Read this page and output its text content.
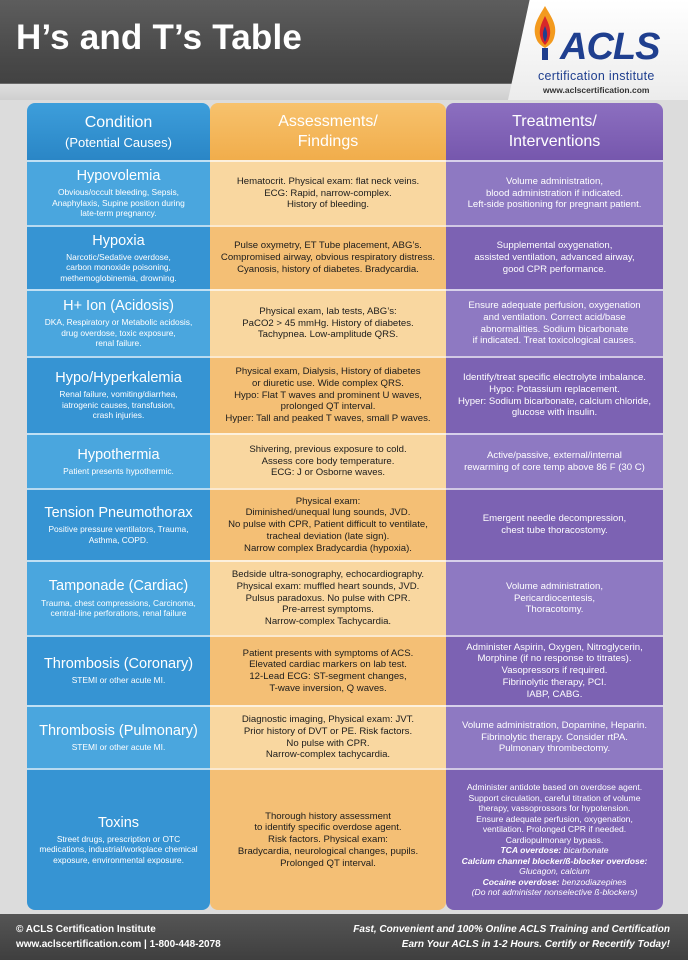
H’s and T’s Table	ACLS
certification institute
www.aclscertification.com
Condition
(Potential Causes)
Hypovolemia
Obvious/occult bleeding, Sepsis,
Anaphylaxis, Supine position during
late-term pregnancy.
Hypoxia
Narcotic/Sedative overdose,
carbon monoxide poisoning,
methemoglobinemia, drowning.
H+ Ion (Acidosis)
DKA, Respiratory or Metabolic acidosis,
drug overdose, toxic exposure,
renal failure.
Hypo/Hyperkalemia
Renal failure, vomiting/diarrhea,
iatrogenic causes, transfusion,
crash injuries.
Hypothermia
Patient presents hypothermic.
Tension Pneumothorax
Positive pressure ventilators, Trauma,
Asthma, COPD.
Tamponade (Cardiac)
Trauma, chest compressions, Carcinoma,
central-line perforations, renal failure
Thrombosis (Coronary)
STEMI or other acute MI.
Thrombosis (Pulmonary)
STEMI or other acute MI.
Toxins
Street drugs, prescription or OTC
medications, industrial/workplace chemical
exposure, environmental exposure.
Assessments/
Findings
Hematocrit. Physical exam: flat neck veins.
ECG: Rapid, narrow-complex.
History of bleeding.
Pulse oxymetry, ET Tube placement, ABG’s.
Compromised airway, obvious respiratory distress.
Cyanosis, history of diabetes. Bradycardia.
Physical exam, lab tests, ABG’s:
PaCO2 > 45 mmHg. History of diabetes.
Tachypnea. Low-amplitude QRS.
Physical exam, Dialysis, History of diabetes
or diuretic use. Wide complex QRS.
Hypo: Flat T waves and prominent U waves,
prolonged QT interval.
Hyper: Tall and peaked T waves, small P waves.
Shivering, previous exposure to cold.
Assess core body temperature.
ECG: J or Osborne waves.
Physical exam:
Diminished/unequal lung sounds, JVD.
No pulse with CPR, Patient difficult to ventilate,
tracheal deviation (late sign).
Narrow complex Bradycardia (hypoxia).
Bedside ultra-sonography, echocardiography.
Physical exam: muffled heart sounds, JVD.
Pulsus paradoxus. No pulse with CPR.
Pre-arrest symptoms.
Narrow-complex Tachycardia.
Patient presents with symptoms of ACS.
Elevated cardiac markers on lab test.
12-Lead ECG: ST-segment changes,
T-wave inversion, Q waves.
Diagnostic imaging, Physical exam: JVT.
Prior history of DVT or PE. Risk factors.
No pulse with CPR.
Narrow-complex tachycardia.
Thorough history assessment
to identify specific overdose agent.
Risk factors. Physical exam:
Bradycardia, neurological changes, pupils.
Prolonged QT interval.
Treatments/
Interventions
Volume administration,
blood administration if indicated.
Left-side positioning for pregnant patient.
Supplemental oxygenation,
assisted ventilation, advanced airway,
good CPR performance.
Ensure adequate perfusion, oxygenation
and ventilation. Correct acid/base
abnormalities. Sodium bicarbonate
if indicated. Treat toxicological causes.
Identify/treat specific electrolyte imbalance.
Hypo: Potassium replacement.
Hyper: Sodium bicarbonate, calcium chloride,
glucose with insulin.
Active/passive, external/internal
rewarming of core temp above 86 F (30 C)
Emergent needle decompression,
chest tube thoracostomy.
Volume administration,
Pericardiocentesis,
Thoracotomy.
Administer Aspirin, Oxygen, Nitroglycerin,
Morphine (if no response to titrates).
Vasopressors if required.
Fibrinolytic therapy, PCI.
IABP, CABG.
Volume administration, Dopamine, Heparin.
Fibrinolytic therapy. Consider rtPA.
Pulmonary thrombectomy.
Administer antidote based on overdose agent.
Support circulation, careful titration of volume
therapy, vassoprossors for hypotension.
Ensure adequate perfusion, oxygenation,
ventilation. Prolonged CPR if needed.
Cardiopulmonary bypass.
TCA overdose: bicarbonate
Calcium channel blocker/ß-blocker overdose:
Glucagon, calcium
Cocaine overdose: benzodiazepines
(Do not administer nonselective ß-blockers)
© ACLS Certification Institute
www.aclscertification.com | 1-800-448-2078
Fast, Convenient and 100% Online ACLS Training and Certification
Earn Your ACLS in 1-2 Hours. Certify or Recertify Today!
